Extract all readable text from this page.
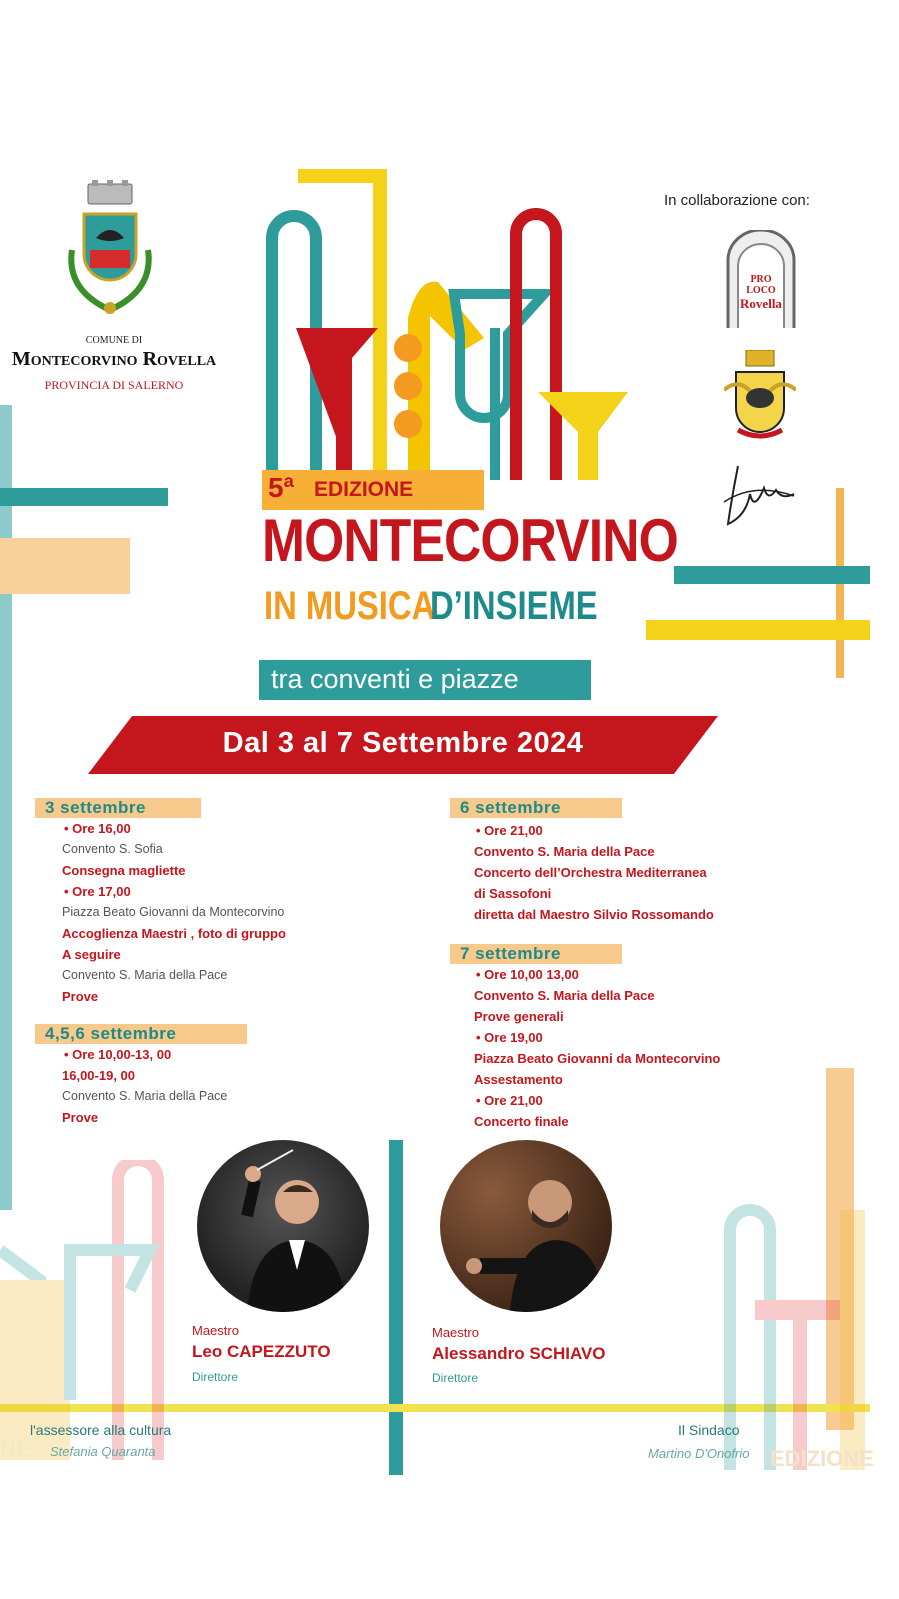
COMUNE DI
Montecorvino Rovella
PROVINCIA DI SALERNO
In collaborazione con:
PRO
LOCO
Rovella
5ª EDIZIONE
MONTECORVINO
IN MUSICA
D’INSIEME
tra conventi e piazze
Dal 3 al 7 Settembre 2024
3 settembre
• Ore 16,00
Convento S. Sofia
Consegna magliette
• Ore 17,00
Piazza Beato Giovanni da Montecorvino
Accoglienza Maestri , foto di gruppo
A seguire
Convento S. Maria della Pace
Prove
4,5,6 settembre
• Ore 10,00-13, 00
16,00-19, 00
Convento S. Maria della Pace
Prove
6 settembre
• Ore 21,00
Convento S. Maria della Pace
Concerto dell’Orchestra Mediterranea
di Sassofoni
diretta dal Maestro Silvio Rossomando
7 settembre
• Ore 10,00 13,00
Convento S. Maria della Pace
Prove generali
• Ore 19,00
Piazza Beato Giovanni da Montecorvino
Assestamento
• Ore 21,00
Concerto finale
Maestro
Leo CAPEZZUTO
Direttore
Maestro
Alessandro SCHIAVO
Direttore
NE	EDIZIONE
l'assessore alla cultura
Stefania Quaranta
Il Sindaco
Martino D'Onofrio
